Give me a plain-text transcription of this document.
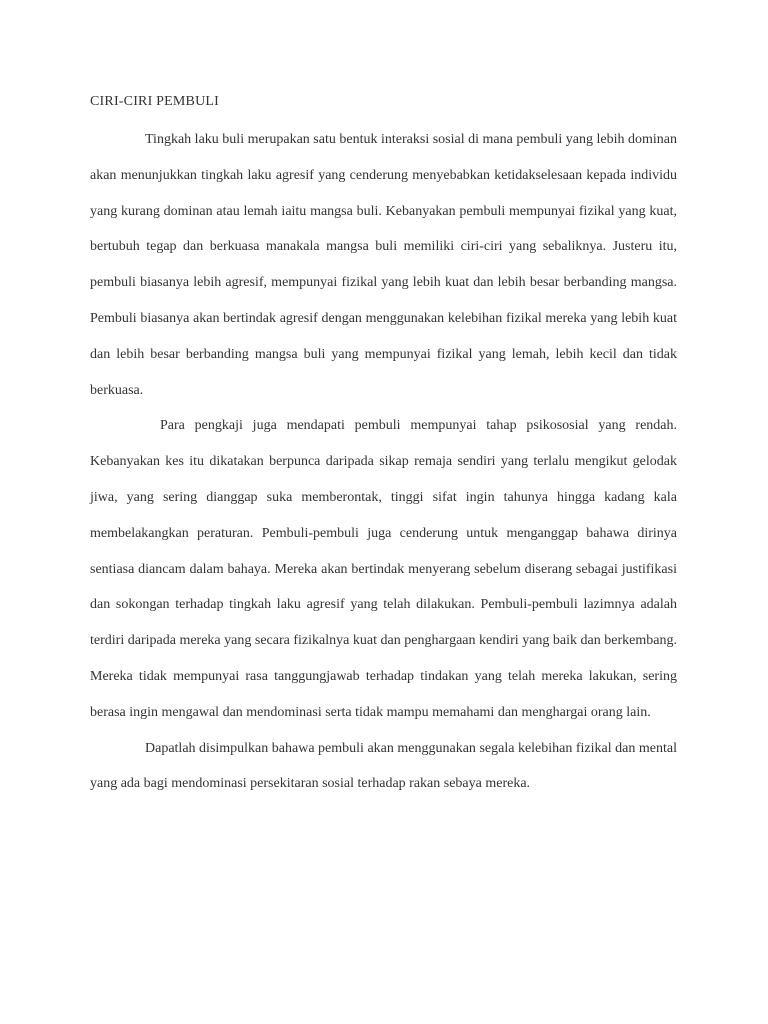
CIRI-CIRI PEMBULI

Tingkah laku buli merupakan satu bentuk interaksi sosial di mana pembuli yang lebih dominan akan menunjukkan tingkah laku agresif yang cenderung menyebabkan ketidakselesaan kepada individu yang kurang dominan atau lemah iaitu mangsa buli. Kebanyakan pembuli mempunyai fizikal yang kuat, bertubuh tegap dan berkuasa manakala mangsa buli memiliki ciri-ciri yang sebaliknya. Justeru itu, pembuli biasanya lebih agresif, mempunyai fizikal yang lebih kuat dan lebih besar berbanding mangsa. Pembuli biasanya akan bertindak agresif dengan menggunakan kelebihan fizikal mereka yang lebih kuat dan lebih besar berbanding mangsa buli yang mempunyai fizikal yang lemah, lebih kecil dan tidak berkuasa.

Para pengkaji juga mendapati pembuli mempunyai tahap psikososial yang rendah. Kebanyakan kes itu dikatakan berpunca daripada sikap remaja sendiri yang terlalu mengikut gelodak jiwa, yang sering dianggap suka memberontak, tinggi sifat ingin tahunya hingga kadang kala membelakangkan peraturan. Pembuli-pembuli juga cenderung untuk menganggap bahawa dirinya sentiasa diancam dalam bahaya. Mereka akan bertindak menyerang sebelum diserang sebagai justifikasi dan sokongan terhadap tingkah laku agresif yang telah dilakukan. Pembuli-pembuli lazimnya adalah terdiri daripada mereka yang secara fizikalnya kuat dan penghargaan kendiri yang baik dan berkembang. Mereka tidak mempunyai rasa tanggungjawab terhadap tindakan yang telah mereka lakukan, sering berasa ingin mengawal dan mendominasi serta tidak mampu memahami dan menghargai orang lain.

Dapatlah disimpulkan bahawa pembuli akan menggunakan segala kelebihan fizikal dan mental yang ada bagi mendominasi persekitaran sosial terhadap rakan sebaya mereka.
